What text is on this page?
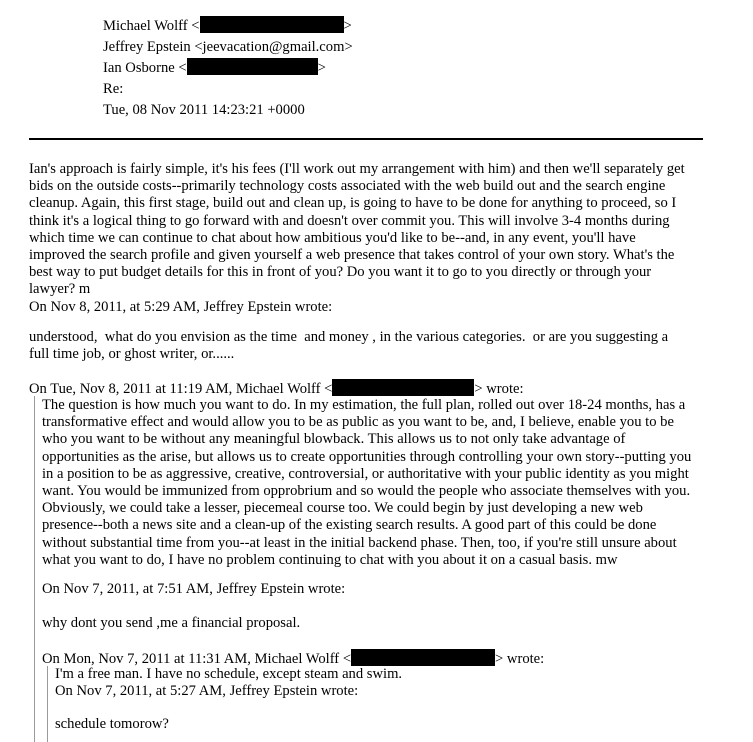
Michael Wolff <	>
Jeffrey Epstein <jeevacation@gmail.com>
Ian Osborne <	>
Re:
Tue, 08 Nov 2011 14:23:21 +0000
Ian's approach is fairly simple, it's his fees (I'll work out my arrangement with him) and then we'll separately get
bids on the outside costs--primarily technology costs associated with the web build out and the search engine
cleanup. Again, this first stage, build out and clean up, is going to have to be done for anything to proceed, so I
think it's a logical thing to go forward with and doesn't over commit you. This will involve 3-4 months during
which time we can continue to chat about how ambitious you'd like to be--and, in any event, you'll have
improved the search profile and given yourself a web presence that takes control of your own story. What's the
best way to put budget details for this in front of you? Do you want it to go to you directly or through your
lawyer? m
On Nov 8, 2011, at 5:29 AM, Jeffrey Epstein wrote:
understood,  what do you envision as the time  and money , in the various categories.  or are you suggesting a
full time job, or ghost writer, or......
On Tue, Nov 8, 2011 at 11:19 AM, Michael Wolff <	> wrote:
The question is how much you want to do. In my estimation, the full plan, rolled out over 18-24 months, has a
transformative effect and would allow you to be as public as you want to be, and, I believe, enable you to be
who you want to be without any meaningful blowback. This allows us to not only take advantage of
opportunities as the arise, but allows us to create opportunities through controlling your own story--putting you
in a position to be as aggressive, creative, controversial, or authoritative with your public identity as you might
want. You would be immunized from opprobrium and so would the people who associate themselves with you.
Obviously, we could take a lesser, piecemeal course too. We could begin by just developing a new web
presence--both a news site and a clean-up of the existing search results. A good part of this could be done
without substantial time from you--at least in the initial backend phase. Then, too, if you're still unsure about
what you want to do, I have no problem continuing to chat with you about it on a casual basis. mw
On Nov 7, 2011, at 7:51 AM, Jeffrey Epstein wrote:
why dont you send ,me a financial proposal.
On Mon, Nov 7, 2011 at 11:31 AM, Michael Wolff <	> wrote:
I'm a free man. I have no schedule, except steam and swim.
On Nov 7, 2011, at 5:27 AM, Jeffrey Epstein wrote:
schedule tomorow?
